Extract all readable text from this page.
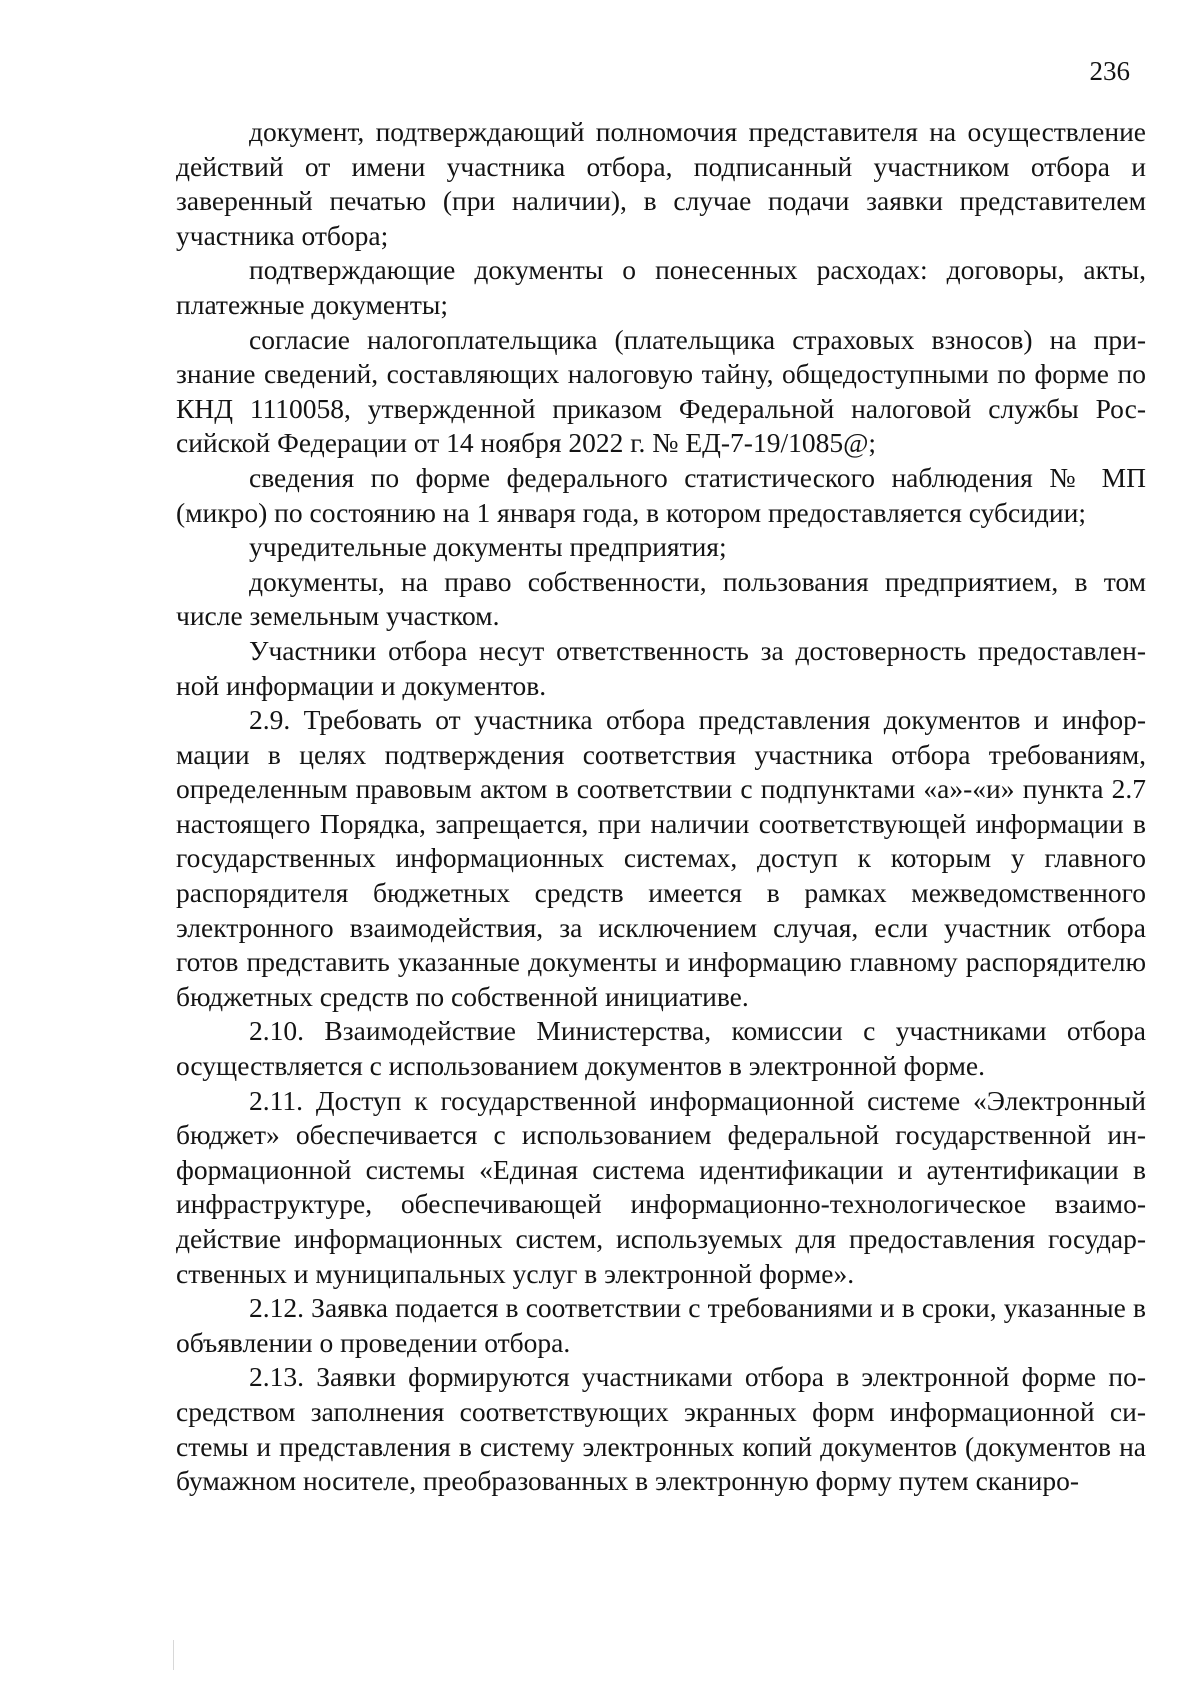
236

документ, подтверждающий полномочия представителя на осуществление действий от имени участника отбора, подписанный участником отбора и заверенный печатью (при наличии), в случае подачи заявки представителем участника отбора;

подтверждающие документы о понесенных расходах: договоры, акты, платежные документы;

согласие налогоплательщика (плательщика страховых взносов) на признание сведений, составляющих налоговую тайну, общедоступными по форме по КНД 1110058, утвержденной приказом Федеральной налоговой службы Российской Федерации от 14 ноября 2022 г. № ЕД-7-19/1085@;

сведения по форме федерального статистического наблюдения № МП (микро) по состоянию на 1 января года, в котором предоставляется субсидии;

учредительные документы предприятия;

документы, на право собственности, пользования предприятием, в том числе земельным участком.

Участники отбора несут ответственность за достоверность предоставленной информации и документов.

2.9. Требовать от участника отбора представления документов и информации в целях подтверждения соответствия участника отбора требованиям, определенным правовым актом в соответствии с подпунктами «а»-«и» пункта 2.7 настоящего Порядка, запрещается, при наличии соответствующей информации в государственных информационных системах, доступ к которым у главного распорядителя бюджетных средств имеется в рамках межведомственного электронного взаимодействия, за исключением случая, если участник отбора готов представить указанные документы и информацию главному распорядителю бюджетных средств по собственной инициативе.

2.10. Взаимодействие Министерства, комиссии с участниками отбора осуществляется с использованием документов в электронной форме.

2.11. Доступ к государственной информационной системе «Электронный бюджет» обеспечивается с использованием федеральной государственной информационной системы «Единая система идентификации и аутентификации в инфраструктуре, обеспечивающей информационно-технологическое взаимодействие информационных систем, используемых для предоставления государственных и муниципальных услуг в электронной форме».

2.12. Заявка подается в соответствии с требованиями и в сроки, указанные в объявлении о проведении отбора.

2.13. Заявки формируются участниками отбора в электронной форме посредством заполнения соответствующих экранных форм информационной системы и представления в систему электронных копий документов (документов на бумажном носителе, преобразованных в электронную форму путем сканиро-
